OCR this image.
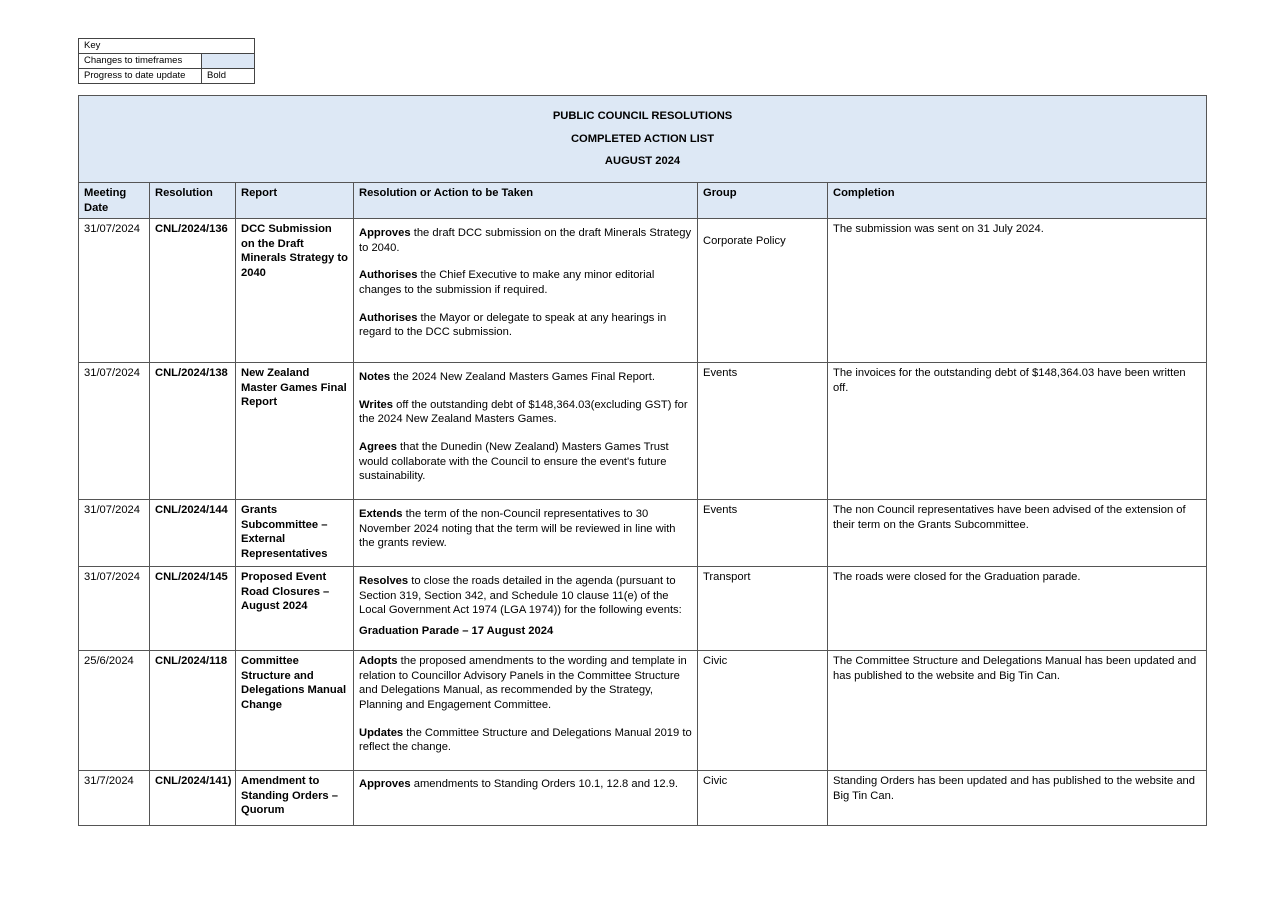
Key	
Changes to timeframes	
Progress to date update	Bold
PUBLIC COUNCIL RESOLUTIONS
COMPLETED ACTION LIST
AUGUST 2024					

Meeting Date	Resolution	Report	Resolution or Action to be Taken	Group	Completion
31/07/2024	CNL/2024/136	DCC Submission on the Draft Minerals Strategy to 2040	Approves the draft DCC submission on the draft Minerals Strategy to 2040.

Authorises the Chief Executive to make any minor editorial changes to the submission if required.

Authorises the Mayor or delegate to speak at any hearings in regard to the DCC submission.	Corporate Policy	The submission was sent on 31 July 2024.
31/07/2024	CNL/2024/138	New Zealand Master Games Final Report	Notes the 2024 New Zealand Masters Games Final Report.

Writes off the outstanding debt of $148,364.03(excluding GST) for the 2024 New Zealand Masters Games.

Agrees that the Dunedin (New Zealand) Masters Games Trust would collaborate with the Council to ensure the event's future sustainability.	Events	The invoices for the outstanding debt of $148,364.03 have been written off.
31/07/2024	CNL/2024/144	Grants Subcommittee – External Representatives	Extends the term of the non-Council representatives to 30 November 2024 noting that the term will be reviewed in line with the grants review.	Events	The non Council representatives have been advised of the extension of their term on the Grants Subcommittee.
31/07/2024	CNL/2024/145	Proposed Event Road Closures – August 2024	Resolves to close the roads detailed in the agenda (pursuant to Section 319, Section 342, and Schedule 10 clause 11(e) of the Local Government Act 1974 (LGA 1974)) for the following events:

Graduation Parade – 17 August 2024	Transport	The roads were closed for the Graduation parade.
25/6/2024	CNL/2024/118	Committee Structure and Delegations Manual Change	Adopts the proposed amendments to the wording and template in relation to Councillor Advisory Panels in the Committee Structure and Delegations Manual, as recommended by the Strategy, Planning and Engagement Committee.

Updates the Committee Structure and Delegations Manual 2019 to reflect the change.	Civic	The Committee Structure and Delegations Manual has been updated and has published to the website and Big Tin Can.
31/7/2024	CNL/2024/141)	Amendment to Standing Orders – Quorum	Approves amendments to Standing Orders 10.1, 12.8 and 12.9.	Civic	Standing Orders has been updated and has published to the website and Big Tin Can.
